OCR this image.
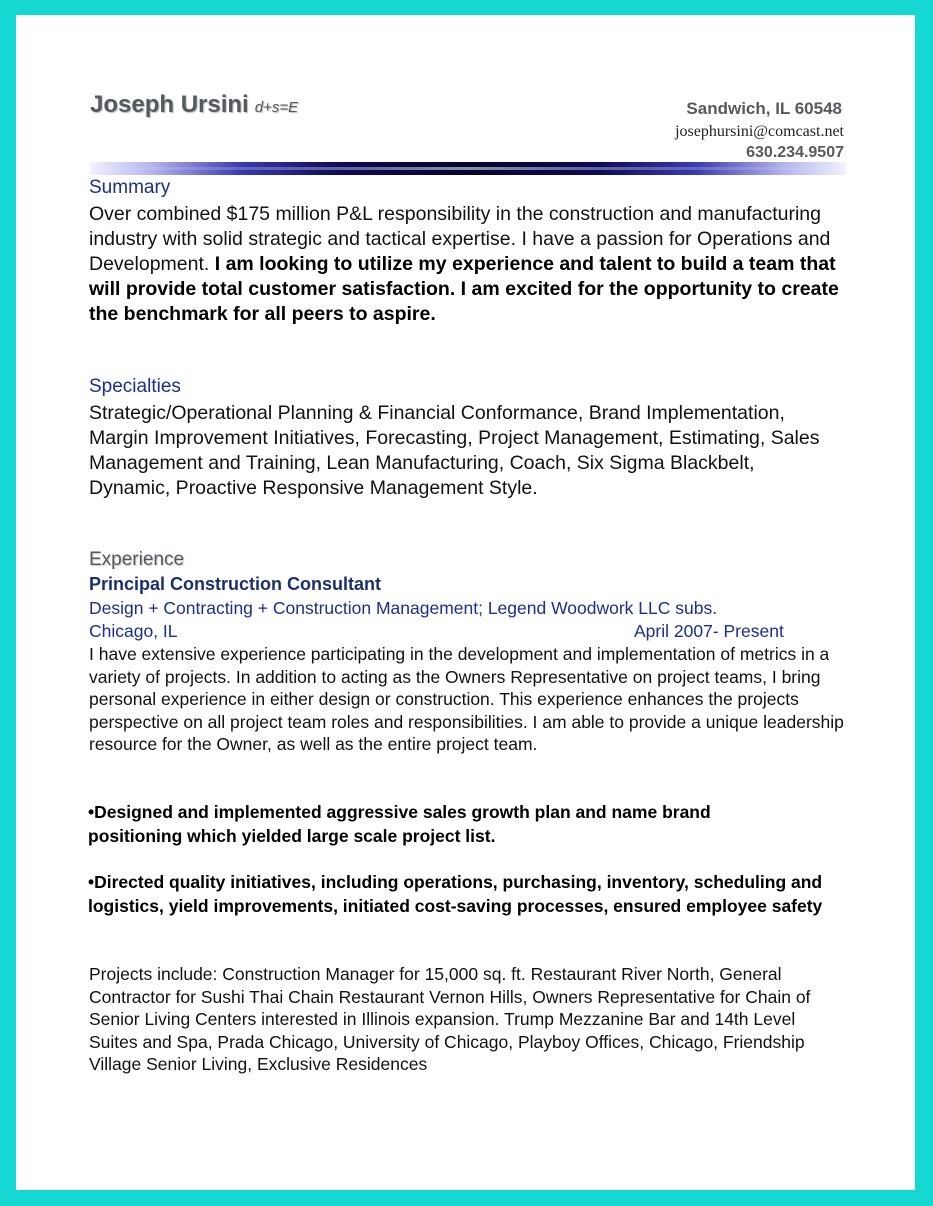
Joseph Ursini d+s=E	Sandwich, IL 60548
josephursini@comcast.net
630.234.9507
Summary
Over combined $175 million P&L responsibility in the construction and manufacturing industry with solid strategic and tactical expertise. I have a passion for Operations and Development. I am looking to utilize my experience and talent to build a team that will provide total customer satisfaction. I am excited for the opportunity to create the benchmark for all peers to aspire.
Specialties
Strategic/Operational Planning & Financial Conformance, Brand Implementation, Margin Improvement Initiatives, Forecasting, Project Management, Estimating, Sales Management and Training, Lean Manufacturing, Coach, Six Sigma Blackbelt, Dynamic, Proactive Responsive Management Style.
Experience
Principal Construction Consultant
Design + Contracting + Construction Management; Legend Woodwork LLC subs.
Chicago, IL	April 2007- Present
I have extensive experience participating in the development and implementation of metrics in a variety of projects. In addition to acting as the Owners Representative on project teams, I bring personal experience in either design or construction. This experience enhances the projects perspective on all project team roles and responsibilities. I am able to provide a unique leadership resource for the Owner, as well as the entire project team.
•Designed and implemented aggressive sales growth plan and name brand positioning which yielded large scale project list.
•Directed quality initiatives, including operations, purchasing, inventory, scheduling and logistics, yield improvements, initiated cost-saving processes, ensured employee safety
Projects include: Construction Manager for 15,000 sq. ft. Restaurant River North, General Contractor for Sushi Thai Chain Restaurant Vernon Hills, Owners Representative for Chain of Senior Living Centers interested in Illinois expansion. Trump Mezzanine Bar and 14th Level Suites and Spa, Prada Chicago, University of Chicago, Playboy Offices, Chicago, Friendship Village Senior Living, Exclusive Residences
